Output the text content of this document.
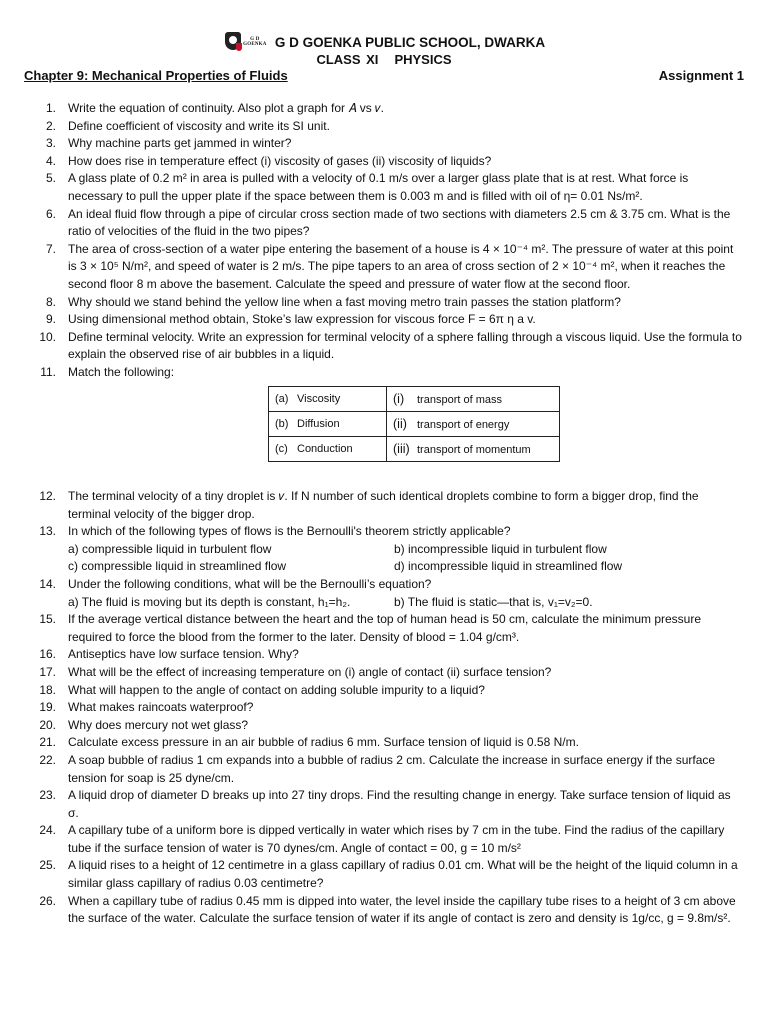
G D GOENKA G D GOENKA PUBLIC SCHOOL, DWARKA
CLASS XI PHYSICS
Chapter 9: Mechanical Properties of Fluids	Assignment 1
1. Write the equation of continuity. Also plot a graph for 𝐴 vs 𝑣.
2. Define coefficient of viscosity and write its SI unit.
3. Why machine parts get jammed in winter?
4. How does rise in temperature effect (i) viscosity of gases (ii) viscosity of liquids?
5. A glass plate of 0.2 m² in area is pulled with a velocity of 0.1 m/s over a larger glass plate that is at rest. What force is necessary to pull the upper plate if the space between them is 0.003 m and is filled with oil of η= 0.01 Ns/m².
6. An ideal fluid flow through a pipe of circular cross section made of two sections with diameters 2.5 cm & 3.75 cm. What is the ratio of velocities of the fluid in the two pipes?
7. The area of cross-section of a water pipe entering the basement of a house is 4 × 10⁻⁴ m². The pressure of water at this point is 3 × 10⁵ N/m², and speed of water is 2 m/s. The pipe tapers to an area of cross section of 2 × 10⁻⁴ m², when it reaches the second floor 8 m above the basement. Calculate the speed and pressure of water flow at the second floor.
8. Why should we stand behind the yellow line when a fast moving metro train passes the station platform?
9. Using dimensional method obtain, Stoke’s law expression for viscous force F = 6π η a v.
10. Define terminal velocity. Write an expression for terminal velocity of a sphere falling through a viscous liquid. Use the formula to explain the observed rise of air bubbles in a liquid.
11. Match the following:
(a) Viscosity	(i) transport of mass
(b) Diffusion	(ii) transport of energy
(c) Conduction	(iii) transport of momentum
12. The terminal velocity of a tiny droplet is 𝑣. If N number of such identical droplets combine to form a bigger drop, find the terminal velocity of the bigger drop.
13. In which of the following types of flows is the Bernoulli's theorem strictly applicable?
a) compressible liquid in turbulent flow	b) incompressible liquid in turbulent flow
c) compressible liquid in streamlined flow	d) incompressible liquid in streamlined flow
14. Under the following conditions, what will be the Bernoulli’s equation?
a) The fluid is moving but its depth is constant, h₁=h₂.	b) The fluid is static—that is, v₁=v₂=0.
15. If the average vertical distance between the heart and the top of human head is 50 cm, calculate the minimum pressure required to force the blood from the former to the later. Density of blood = 1.04 g/cm³.
16. Antiseptics have low surface tension. Why?
17. What will be the effect of increasing temperature on (i) angle of contact (ii) surface tension?
18. What will happen to the angle of contact on adding soluble impurity to a liquid?
19. What makes raincoats waterproof?
20. Why does mercury not wet glass?
21. Calculate excess pressure in an air bubble of radius 6 mm. Surface tension of liquid is 0.58 N/m.
22. A soap bubble of radius 1 cm expands into a bubble of radius 2 cm. Calculate the increase in surface energy if the surface tension for soap is 25 dyne/cm.
23. A liquid drop of diameter D breaks up into 27 tiny drops. Find the resulting change in energy. Take surface tension of liquid as σ.
24. A capillary tube of a uniform bore is dipped vertically in water which rises by 7 cm in the tube. Find the radius of the capillary tube if the surface tension of water is 70 dynes/cm. Angle of contact = 00, g = 10 m/s²
25. A liquid rises to a height of 12 centimetre in a glass capillary of radius 0.01 cm. What will be the height of the liquid column in a similar glass capillary of radius 0.03 centimetre?
26. When a capillary tube of radius 0.45 mm is dipped into water, the level inside the capillary tube rises to a height of 3 cm above the surface of the water. Calculate the surface tension of water if its angle of contact is zero and density is 1g/cc, g = 9.8m/s².
